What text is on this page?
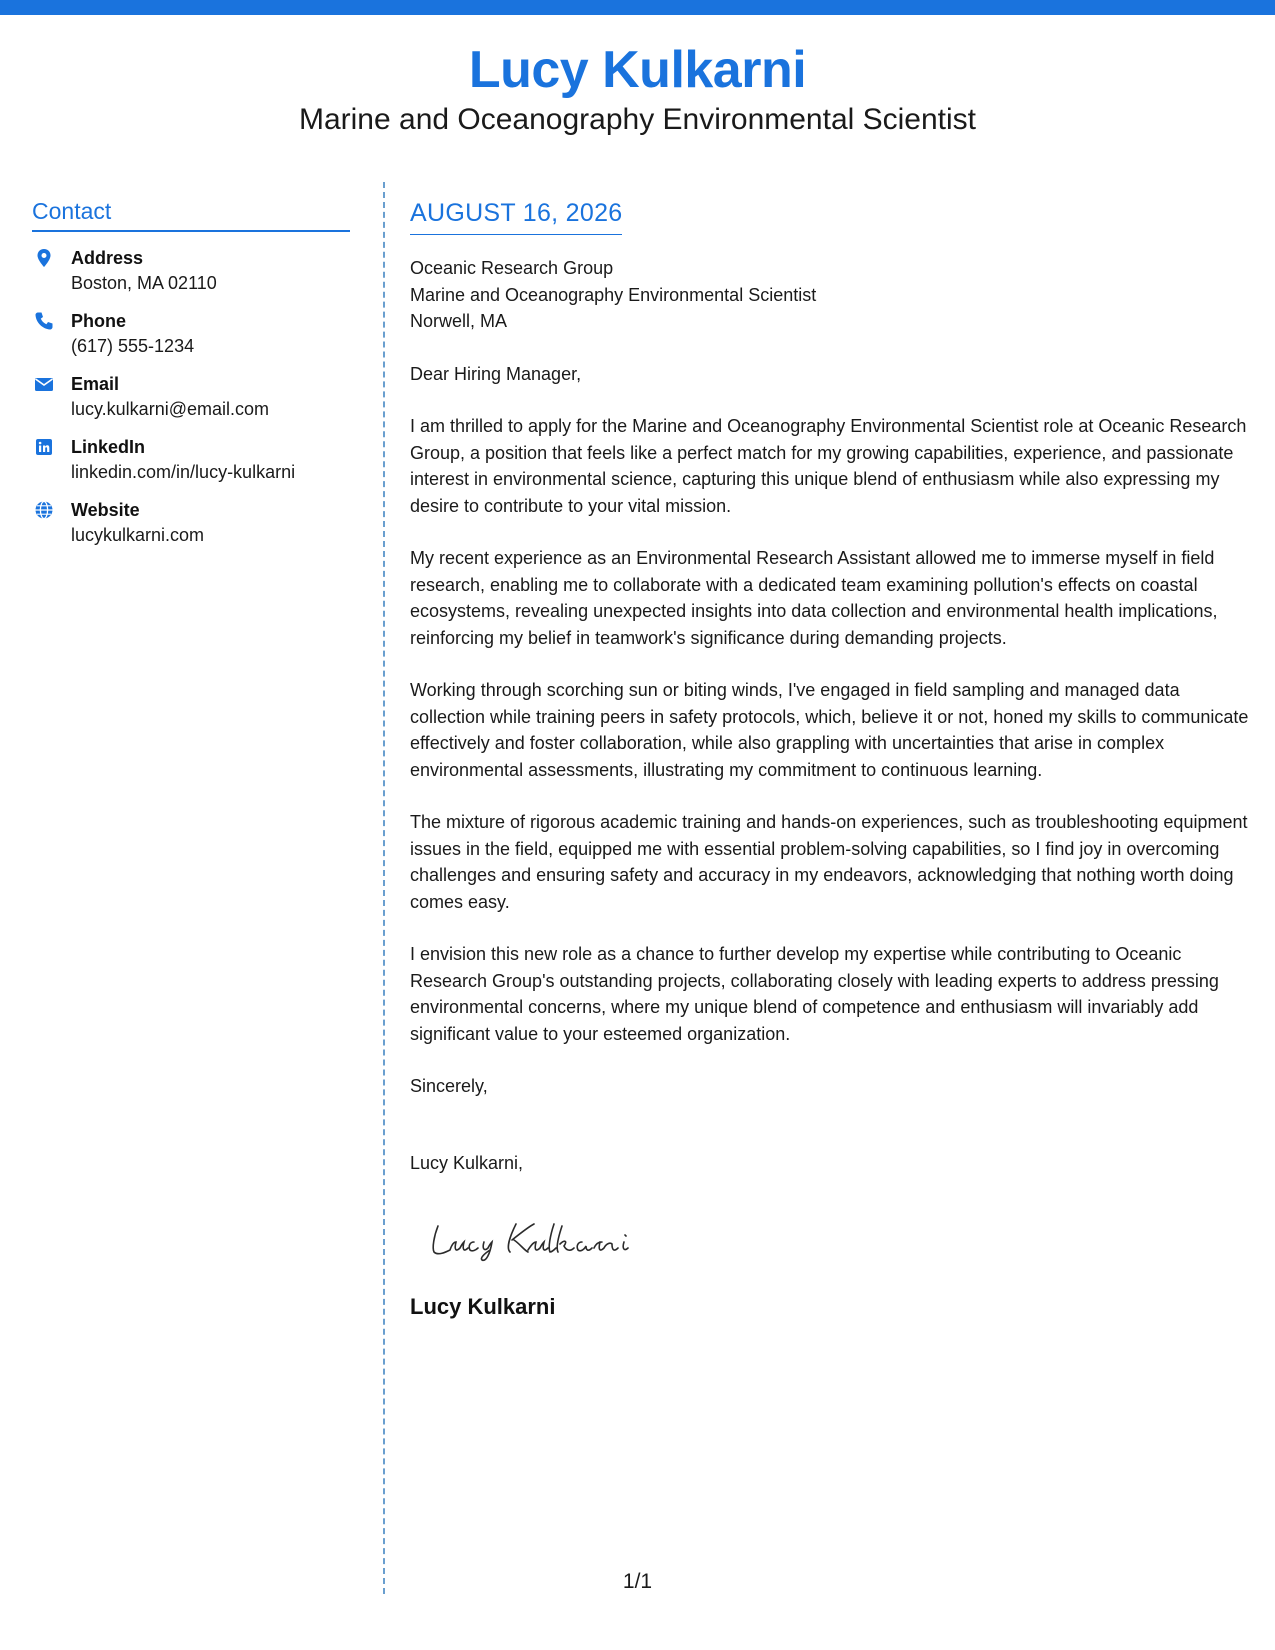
Lucy Kulkarni
Marine and Oceanography Environmental Scientist
Contact
Address
Boston, MA 02110
Phone
(617) 555-1234
Email
lucy.kulkarni@email.com
LinkedIn
linkedin.com/in/lucy-kulkarni
Website
lucykulkarni.com
AUGUST 16, 2026
Oceanic Research Group
Marine and Oceanography Environmental Scientist
Norwell, MA
Dear Hiring Manager,

I am thrilled to apply for the Marine and Oceanography Environmental Scientist role at Oceanic Research Group, a position that feels like a perfect match for my growing capabilities, experience, and passionate interest in environmental science, capturing this unique blend of enthusiasm while also expressing my desire to contribute to your vital mission.

My recent experience as an Environmental Research Assistant allowed me to immerse myself in field research, enabling me to collaborate with a dedicated team examining pollution's effects on coastal ecosystems, revealing unexpected insights into data collection and environmental health implications, reinforcing my belief in teamwork's significance during demanding projects.

Working through scorching sun or biting winds, I've engaged in field sampling and managed data collection while training peers in safety protocols, which, believe it or not, honed my skills to communicate effectively and foster collaboration, while also grappling with uncertainties that arise in complex environmental assessments, illustrating my commitment to continuous learning.

The mixture of rigorous academic training and hands-on experiences, such as troubleshooting equipment issues in the field, equipped me with essential problem-solving capabilities, so I find joy in overcoming challenges and ensuring safety and accuracy in my endeavors, acknowledging that nothing worth doing comes easy.

I envision this new role as a chance to further develop my expertise while contributing to Oceanic Research Group's outstanding projects, collaborating closely with leading experts to address pressing environmental concerns, where my unique blend of competence and enthusiasm will invariably add significant value to your esteemed organization.

Sincerely,
Lucy Kulkarni,
Lucy Kulkarni
1/1
